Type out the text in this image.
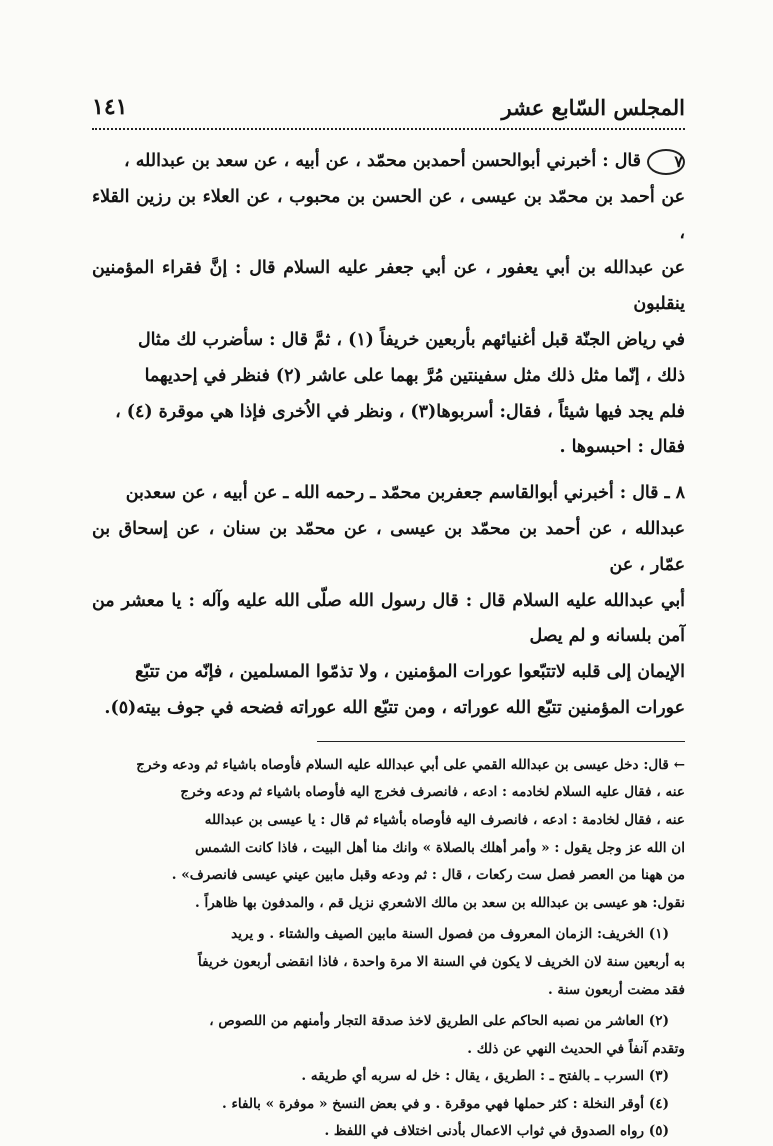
المجلس السّابع عشر
١٤١

٧قال : أخبرني أبوالحسن أحمدبن محمّد ، عن أبيه ، عن سعد بن عبدالله ،

عن أحمد بن محمّد بن عيسى ، عن الحسن بن محبوب ، عن العلاء بن رزين القلاء ،

عن عبدالله بن أبي يعفور ، عن أبي جعفر عليه السلام قال : إنَّ فقراء المؤمنين ينقلبون

في رياض الجنّة قبل أغنيائهم بأربعين خريفاً (١) ، ثمَّ قال : سأضرب لك مثال

ذلك ، إنّما مثل ذلك مثل سفينتين مُرَّ بهما على عاشر (٢) فنظر في إحديهما

فلم يجد فيها شيئاً ، فقال: أسربوها(٣) ، ونظر في الاُخرى فإذا هي موقرة (٤) ،

فقال : احبسوها .

٨ ـ قال : أخبرني أبوالقاسم جعفربن محمّد ـ رحمه الله ـ عن أبيه ، عن سعدبن

عبدالله ، عن أحمد بن محمّد بن عيسى ، عن محمّد بن سنان ، عن إسحاق بن عمّار ، عن

أبي عبدالله عليه السلام قال : قال رسول الله صلّى الله عليه وآله : يا معشر من آمن بلسانه و لم يصل

الإيمان إلى قلبه لاتتبّعوا عورات المؤمنين ، ولا تذمّوا المسلمين ، فإنّه من تتبّع

عورات المؤمنين تتبّع الله عوراته ، ومن تتبّع الله عوراته فضحه في جوف بيته(٥).

← قال: دخل عيسى بن عبدالله القمي على أبي عبدالله عليه السلام فأوصاه باشياء ثم ودعه وخرج

عنه ، فقال عليه السلام لخادمه : ادعه ، فانصرف فخرج اليه فأوصاه باشياء ثم ودعه وخرج

عنه ، فقال لخادمة : ادعه ، فانصرف اليه فأوصاه بأشياء ثم قال : يا عيسى بن عبدالله

ان الله عز وجل يقول : « وأمر أهلك بالصلاة » وانك منا أهل البيت ، فاذا كانت الشمس

من ههنا من العصر فصل ست ركعات ، قال : ثم ودعه وقبل مابين عيني عيسى فانصرف» .

نقول: هو عيسى بن عبدالله بن سعد بن مالك الاشعري نزيل قم ، والمدفون بها ظاهراً .

(١) الخريف: الزمان المعروف من فصول السنة مابين الصيف والشتاء . و يريد

به أربعين سنة لان الخريف لا يكون في السنة الا مرة واحدة ، فاذا انقضى أربعون خريفاً

فقد مضت أربعون سنة .

(٢) العاشر من نصبه الحاكم على الطريق لاخذ صدقة التجار وأمنهم من اللصوص ،

وتقدم آنفاً في الحديث النهي عن ذلك .

(٣) السرب ـ بالفتح ـ : الطريق ، يقال : خل له سربه أي طريقه .

(٤) أوقر النخلة : كثر حملها فهي موقرة . و في بعض النسخ « موفرة » بالفاء .

(٥) رواه الصدوق في ثواب الاعمال بأدنى اختلاف في اللفظ .
